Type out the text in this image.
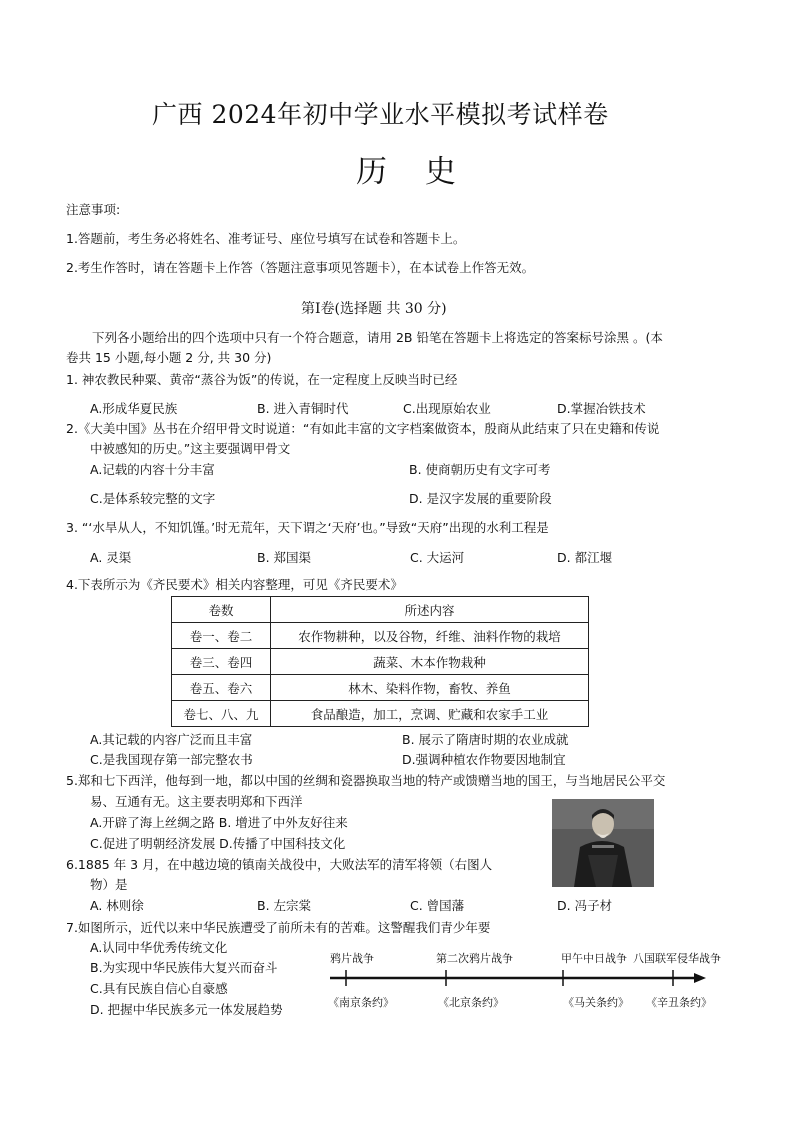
广西 2024年初中学业水平模拟考试样卷
历 史
注意事项:
1.答题前，考生务必将姓名、准考证号、座位号填写在试卷和答题卡上。
2.考生作答时，请在答题卡上作答（答题注意事项见答题卡），在本试卷上作答无效。
第Ⅰ卷(选择题 共 30 分)
下列各小题给出的四个选项中只有一个符合题意，请用 2B 铅笔在答题卡上将选定的答案标号涂黑 。(本
卷共 15 小题,每小题 2 分, 共 30 分)
1. 神农教民种粟、黄帝“蒸谷为饭”的传说，在一定程度上反映当时已经
A.形成华夏民族	B. 进入青铜时代	C.出现原始农业	D.掌握冶铁技术
2.《大美中国》丛书在介绍甲骨文时说道：“有如此丰富的文字档案做资本，殷商从此结束了只在史籍和传说
中被感知的历史。”这主要强调甲骨文
A.记载的内容十分丰富	B. 使商朝历史有文字可考
C.是体系较完整的文字	D. 是汉字发展的重要阶段
3. “‘水旱从人，不知饥馑。’时无荒年，天下谓之‘天府’也。”导致“天府”出现的水利工程是
A. 灵渠	B. 郑国渠	C. 大运河	D. 都江堰
4.下表所示为《齐民要术》相关内容整理，可见《齐民要术》
卷数	所述内容
卷一、卷二	农作物耕种，以及谷物，纤维、油料作物的栽培
卷三、卷四	蔬菜、木本作物栽种
卷五、卷六	林木、染料作物，畜牧、养鱼
卷七、八、九	食品酿造，加工，烹调、贮藏和农家手工业
A.其记载的内容广泛而且丰富	B. 展示了隋唐时期的农业成就
C.是我国现存第一部完整农书	D.强调种植农作物要因地制宜
5.郑和七下西洋，他每到一地，都以中国的丝绸和瓷器换取当地的特产或馈赠当地的国王，与当地居民公平交
易、互通有无。这主要表明郑和下西洋
A.开辟了海上丝绸之路 B. 增进了中外友好往来
C.促进了明朝经济发展 D.传播了中国科技文化
6.1885 年 3 月，在中越边境的镇南关战役中，大败法军的清军将领（右图人
物）是
A. 林则徐	B. 左宗棠	C. 曾国藩	D. 冯子材
7.如图所示，近代以来中华民族遭受了前所未有的苦难。这警醒我们青少年要
A.认同中华优秀传统文化
B.为实现中华民族伟大复兴而奋斗
C.具有民族自信心自豪感
D. 把握中华民族多元一体发展趋势
鸦片战争	第二次鸦片战争	甲午中日战争 八国联军侵华战争
《南京条约》	《北京条约》	《马关条约》 《辛丑条约》
